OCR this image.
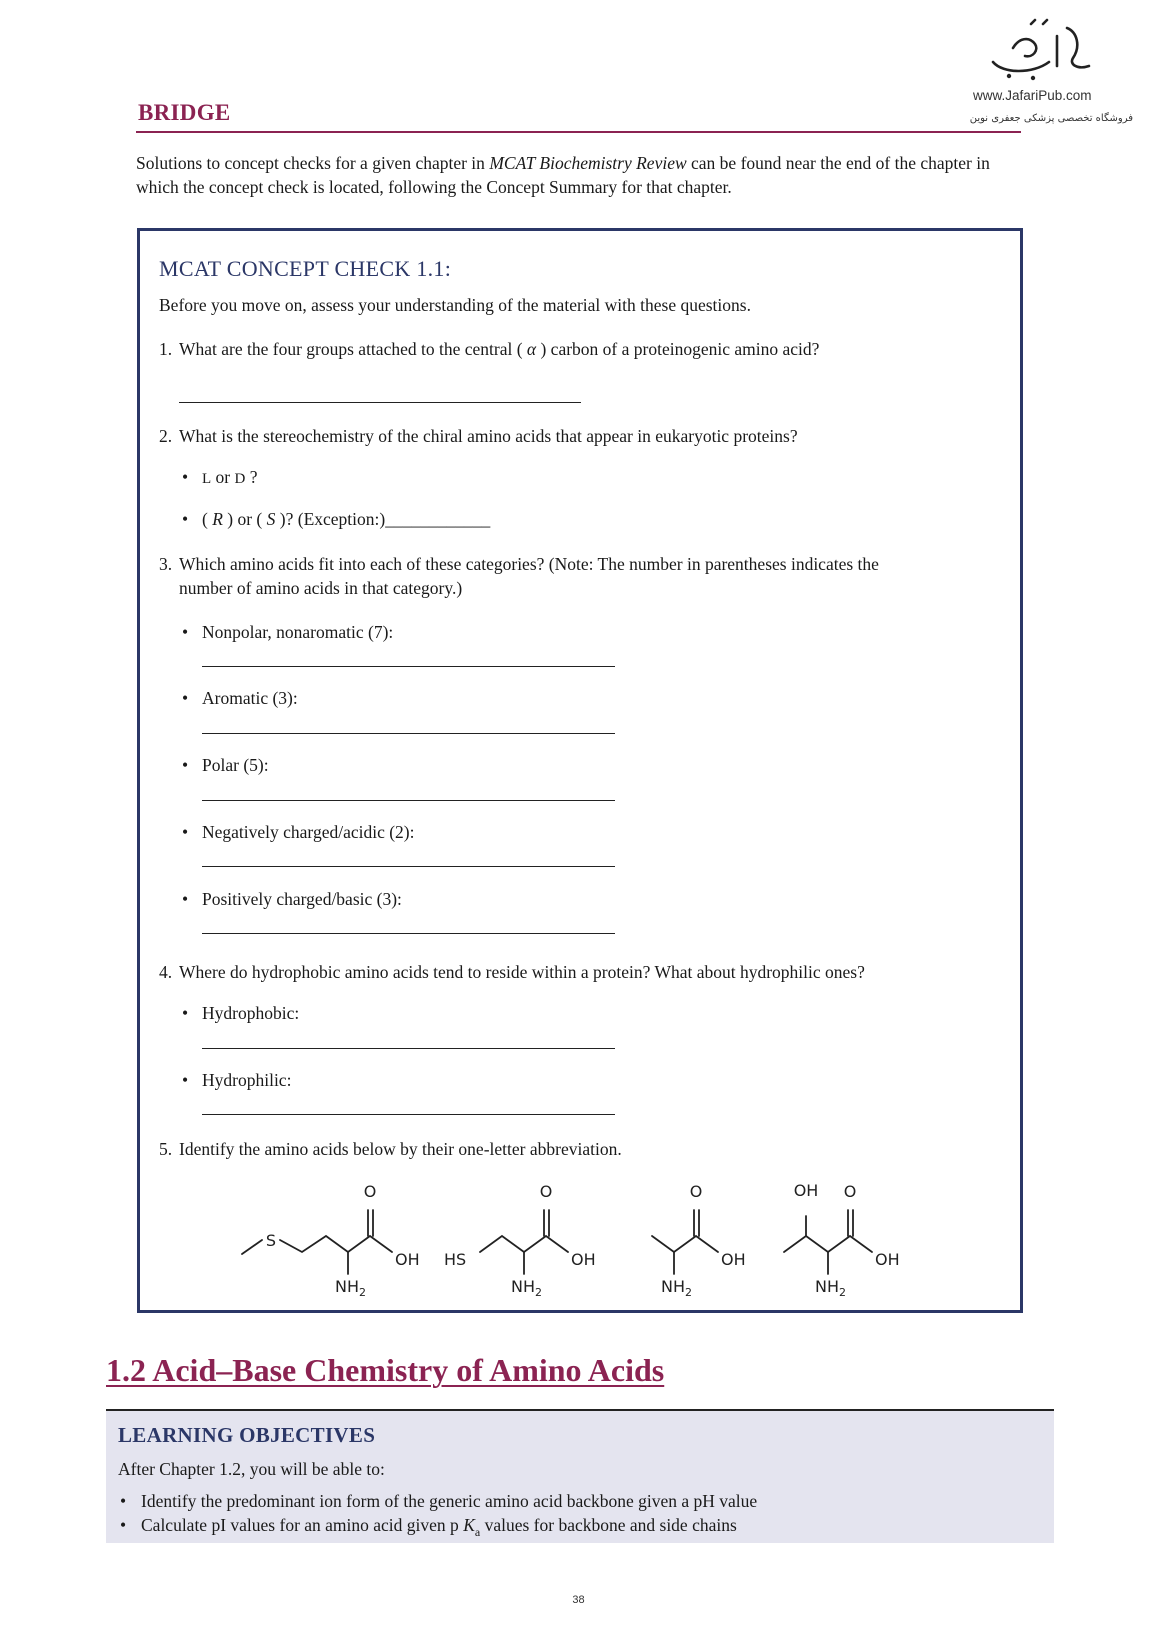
www.JafariPub.com
فروشگاه تخصصی پزشکی جعفری نوین
BRIDGE
Solutions to concept checks for a given chapter in MCAT Biochemistry Review can be found near the end of the chapter in which the concept check is located, following the Concept Summary for that chapter.
MCAT CONCEPT CHECK 1.1:
Before you move on, assess your understanding of the material with these questions.
1. What are the four groups attached to the central ( α ) carbon of a proteinogenic amino acid?
2. What is the stereochemistry of the chiral amino acids that appear in eukaryotic proteins?
• L or D ?
• ( R ) or ( S )? (Exception:)____________
3. Which amino acids fit into each of these categories? (Note: The number in parentheses indicates the
number of amino acids in that category.)
• Nonpolar, nonaromatic (7):
• Aromatic (3):
• Polar (5):
• Negatively charged/acidic (2):
• Positively charged/basic (3):
4. Where do hydrophobic amino acids tend to reside within a protein? What about hydrophilic ones?
• Hydrophobic:
• Hydrophilic:
5. Identify the amino acids below by their one-letter abbreviation.
O
S
OH
$NH_2$
HS
O
OH
$NH_2$
O
OH
$NH_2$
OH O
OH
$NH_2$
1.2 Acid–Base Chemistry of Amino Acids
LEARNING OBJECTIVES
After Chapter 1.2, you will be able to:
• Identify the predominant ion form of the generic amino acid backbone given a pH value
• Calculate pI values for an amino acid given p $K_a$ values for backbone and side chains
38
